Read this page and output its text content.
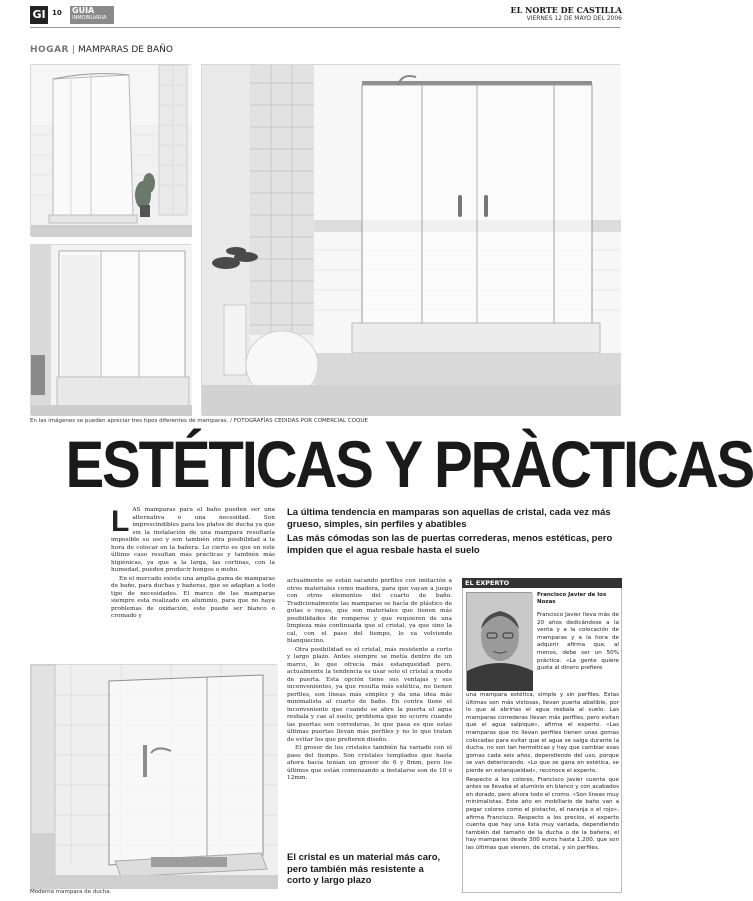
GI 10 GUÍA
INMOBILIARIA
EL NORTE DE CASTILLA
VIERNES 12 DE MAYO DEL 2006
HOGAR | MAMPARAS DE BAÑO
En las imágenes se pueden apreciar tres tipos diferentes de mamparas. / FOTOGRAFÍAS CEDIDAS POR COMERCIAL COQUE
ESTÉTICAS Y PRÀCTICAS

LAS mamparas para el baño pueden ser una alternativa o una necesidad. Son imprescindibles para los platos de ducha ya que sin la instalación de una mampara resultaría imposible su uso y son también otra posibilidad a la hora de colocar en la bañera. Lo cierto es que en este último caso resultan más prácticas y también más higiénicas, ya que a la larga, las cortinas, con la humedad, pueden producir hongos o moho.

En el mercado existe una amplia gama de mamparas de baño, para duchas y bañeras, que se adaptan a todo tipo de necesidades. El marco de las mamparas siempre está realizado en aluminio, para que no haya problemas de oxidación, este puede ser blanco o cromado y

Moderna mampara de ducha.
La última tendencia en mamparas son aquellas de cristal, cada vez más grueso, simples, sin perfiles y abatibles
Las más cómodas son las de puertas correderas, menos estéticas, pero impiden que el agua resbale hasta el suelo

actualmente se están sacando perfiles con imitación a otros materiales como madera, para que vayan a juego con otros elementos del cuarto de baño. Tradicionalmente las mamparas se hacía de plástico de gotas o rayas, que son materiales que tienen más posibilidades de romperse y que requieren de una limpieza más continuada que el cristal, ya que sino la cal, con el paso del tiempo, lo va volviendo blanquecino.

Otra posibilidad es el cristal, más resistente a corto y largo plazo. Antes siempre se metía dentro de un marco, lo que ofrecía más estanqueidad pero, actualmente la tendencia es usar solo el cristal a modo de puerta. Esta opción tiene sus ventajas y sus inconvenientes, ya que resulta más estética, no tienen perfiles, son líneas más simples y da una idea más minimalista al cuarto de baño. En contra tiene el inconveniente que cuando se abre la puerta el agua resbala y cae al suelo, problema que no ocurre cuando las puertas son correderas, lo que pasa es que estas últimas puertas llevan más perfiles y no lo que tratan de evitar los que prefieren diseño.

El grosor de los cristales también ha variado con el paso del tiempo. Son cristales templados que hasta ahora hacía tenían un grosor de 6 y 8mm, pero los últimos que están comenzando a instalarse son de 10 o 12mm.

El cristal es un material más caro, pero también más resistente a corto y largo plazo
EL EXPERTO
Francisco Javier de los Nozas
Francisco Javier lleva más de 20 años dedicándose a la venta y a la colocación de mamparas y a la hora de adquirir afirma que, al menos, debe ser un 50% práctica. «La gente quiere gusta al dinero prefiere

una mampara estética, simple y sin perfiles. Estas últimas son más vistosas, llevan puerta abatible, por lo que al abrirlas el agua resbala al suelo. Las mamparas correderas llevan más perfiles, pero evitan que el agua salpique», afirma el experto. «Las mamparas que no llevan perfiles tienen unas gomas colocadas para evitar que el agua se salga durante la ducha, no son tan herméticas y hay que cambiar esas gomas cada seis años, dependiendo del uso, porque se van deteriorando. «Lo que se gana en estética, se pierde en estanqueidad», reconoce el experto.

Respecto a los colores, Francisco Javier cuenta que antes se llevaba el aluminio en blanco y con acabados en dorado, pero ahora todo el cromo. «Son líneas muy minimalistas. Este año en mobiliario de baño van a pegar colores como el pistacho, el naranja o el rojo», afirma Francisco. Respecto a los precios, el experto cuenta que hay una lista muy variada, dependiendo también del tamaño de la ducha o de la bañera, el hay mamparas desde 300 euros hasta 1.200, que son las últimas que vienen, de cristal, y sin perfiles.
